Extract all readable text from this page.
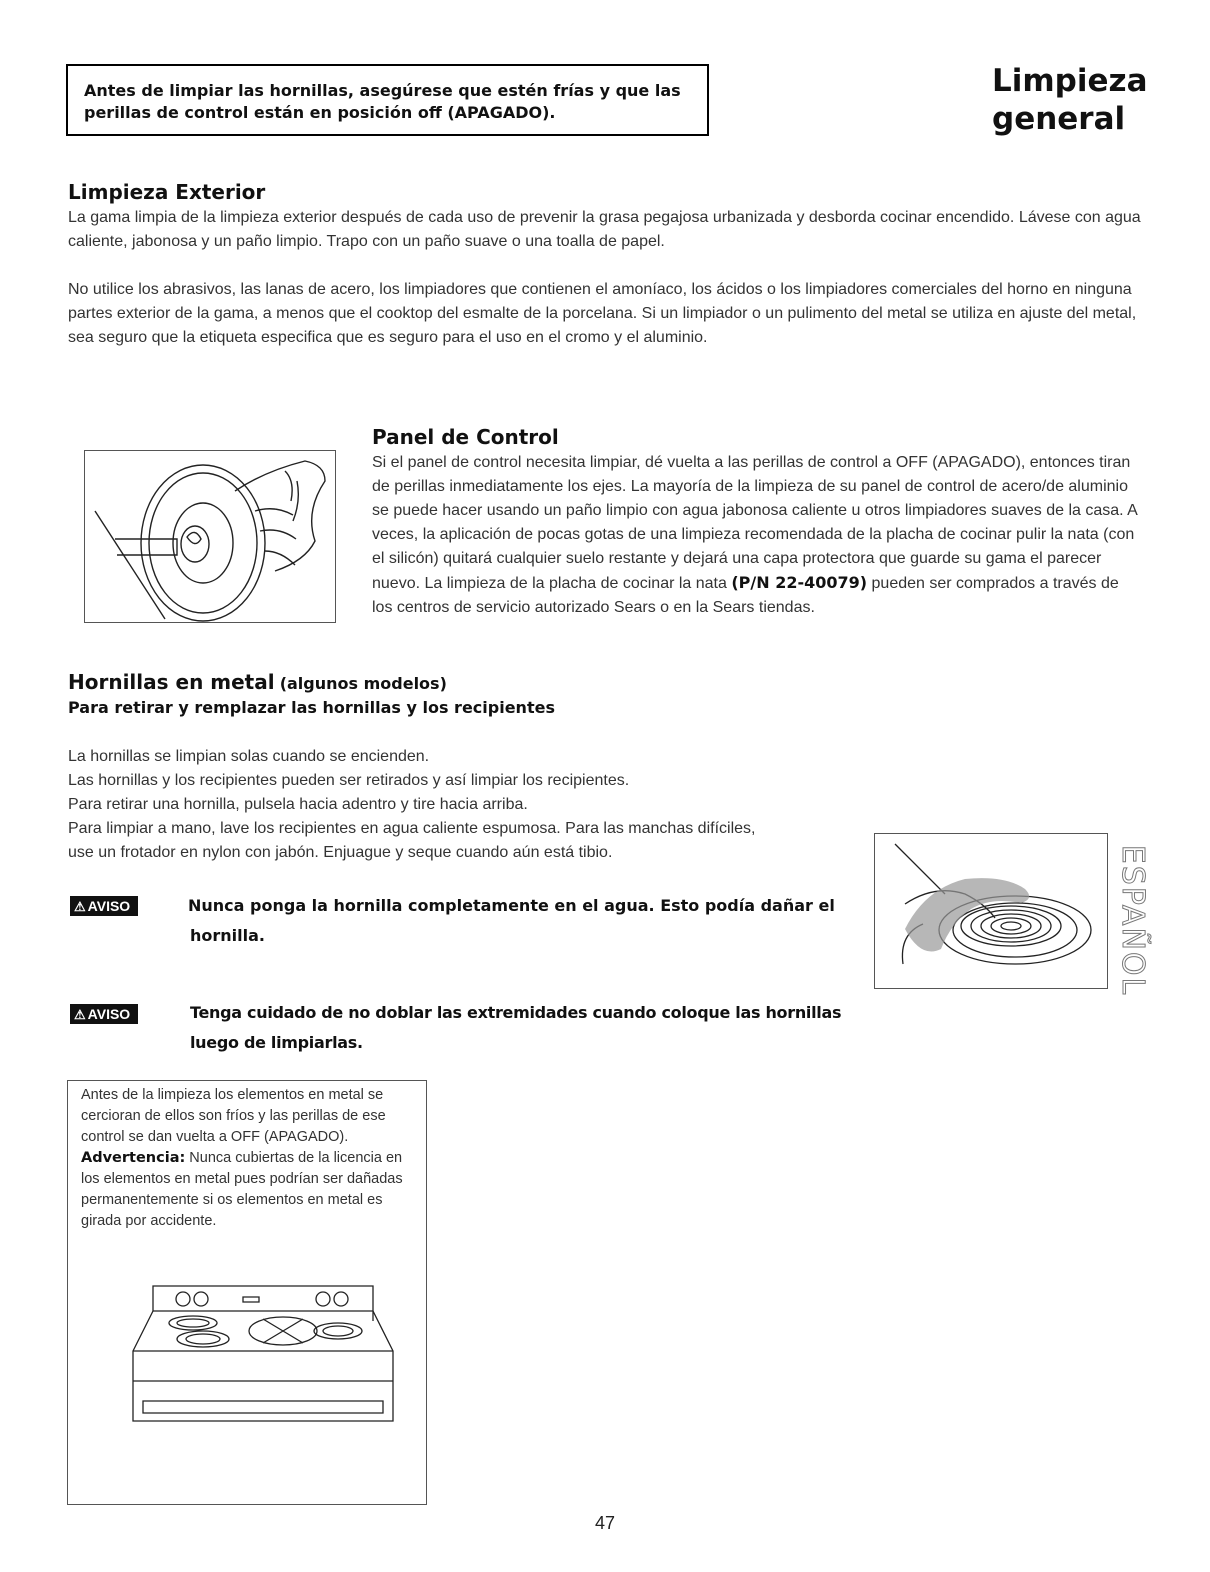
Antes de limpiar las hornillas, asegúrese que estén frías y que las perillas de control están en posición off (APAGADO).
Limpieza general
Limpieza Exterior

La gama limpia de la limpieza exterior después de cada uso de prevenir la grasa pegajosa urbanizada y desborda cocinar encendido. Lávese con agua caliente, jabonosa y un paño limpio. Trapo con un paño suave o una toalla de papel.

No utilice los abrasivos, las lanas de acero, los limpiadores que contienen el amoníaco, los ácidos o los limpiadores comerciales del horno en ninguna partes exterior de la gama, a menos que el cooktop del esmalte de la porcelana. Si un limpiador o un pulimento del metal se utiliza en ajuste del metal, sea seguro que la etiqueta especifica que es seguro para el uso en el cromo y el aluminio.

Panel de Control
Si el panel de control necesita limpiar, dé vuelta a las perillas de control a OFF (APAGADO), entonces tiran de perillas inmediatamente los ejes. La mayoría de la limpieza de su panel de control de acero/de aluminio se puede hacer usando un paño limpio con agua jabonosa caliente u otros limpiadores suaves de la casa. A veces, la aplicación de pocas gotas de una limpieza recomendada de la placha de cocinar pulir la nata (con el silicón) quitará cualquier suelo restante y dejará una capa protectora que guarde su gama el parecer nuevo. La limpieza de la placha de cocinar la nata (P/N 22-40079) pueden ser comprados a través de los centros de servicio autorizado Sears o en la Sears tiendas.
Hornillas en metal (algunos modelos)
Para retirar y remplazar las hornillas y los recipientes
La hornillas se limpian solas cuando se encienden.
Las hornillas y los recipientes pueden ser retirados y así limpiar los recipientes.
Para retirar una hornilla, pulsela hacia adentro y tire hacia arriba.
Para limpiar a mano, lave los recipientes en agua caliente espumosa. Para las manchas difíciles,
use un frotador en nylon con jabón. Enjuague y seque cuando aún está tibio.	ESPAÑOL
⚠ AVISO	Nunca ponga la hornilla completamente en el agua. Esto podía dañar el hornilla.
⚠ AVISO	Tenga cuidado de no doblar las extremidades cuando coloque las hornillas luego de limpiarlas.
Antes de la limpieza los elementos en metal se cercioran de ellos son fríos y las perillas de ese control se dan vuelta a OFF (APAGADO).
Advertencia: Nunca cubiertas de la licencia en los elementos en metal pues podrían ser dañadas permanentemente si os elementos en metal es girada por accidente.
47
